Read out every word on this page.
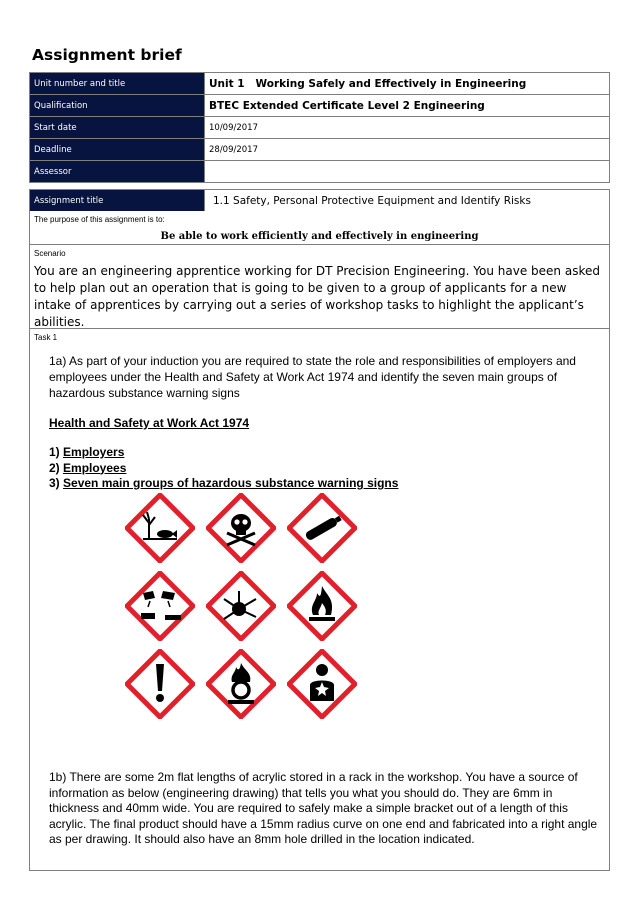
Assignment brief
Unit number and title	Unit 1   Working Safely and Effectively in Engineering
Qualification	BTEC Extended Certificate Level 2 Engineering
Start date	10/09/2017
Deadline	28/09/2017
Assessor	
Assignment title	1.1 Safety, Personal Protective Equipment and Identify Risks
The purpose of this assignment is to:
Be able to work efficiently and effectively in engineering
Scenario
You are an engineering apprentice working for DT Precision Engineering. You have been asked to help plan out an operation that is going to be given to a group of applicants for a new intake of apprentices by carrying out a series of workshop tasks to highlight the applicant’s abilities.
Task 1
1a) As part of your induction you are required to state the role and responsibilities of employers and employees under the Health and Safety at Work Act 1974 and identify the seven main groups of hazardous substance warning signs
Health and Safety at Work Act 1974
1) Employers
2) Employees
3) Seven main groups of hazardous substance warning signs
1b) There are some 2m flat lengths of acrylic stored in a rack in the workshop. You have a source of information as below (engineering drawing) that tells you what you should do. They are 6mm in thickness and 40mm wide. You are required to safely make a simple bracket out of a length of this acrylic. The final product should have a 15mm radius curve on one end and fabricated into a right angle as per drawing. It should also have an 8mm hole drilled in the location indicated.
